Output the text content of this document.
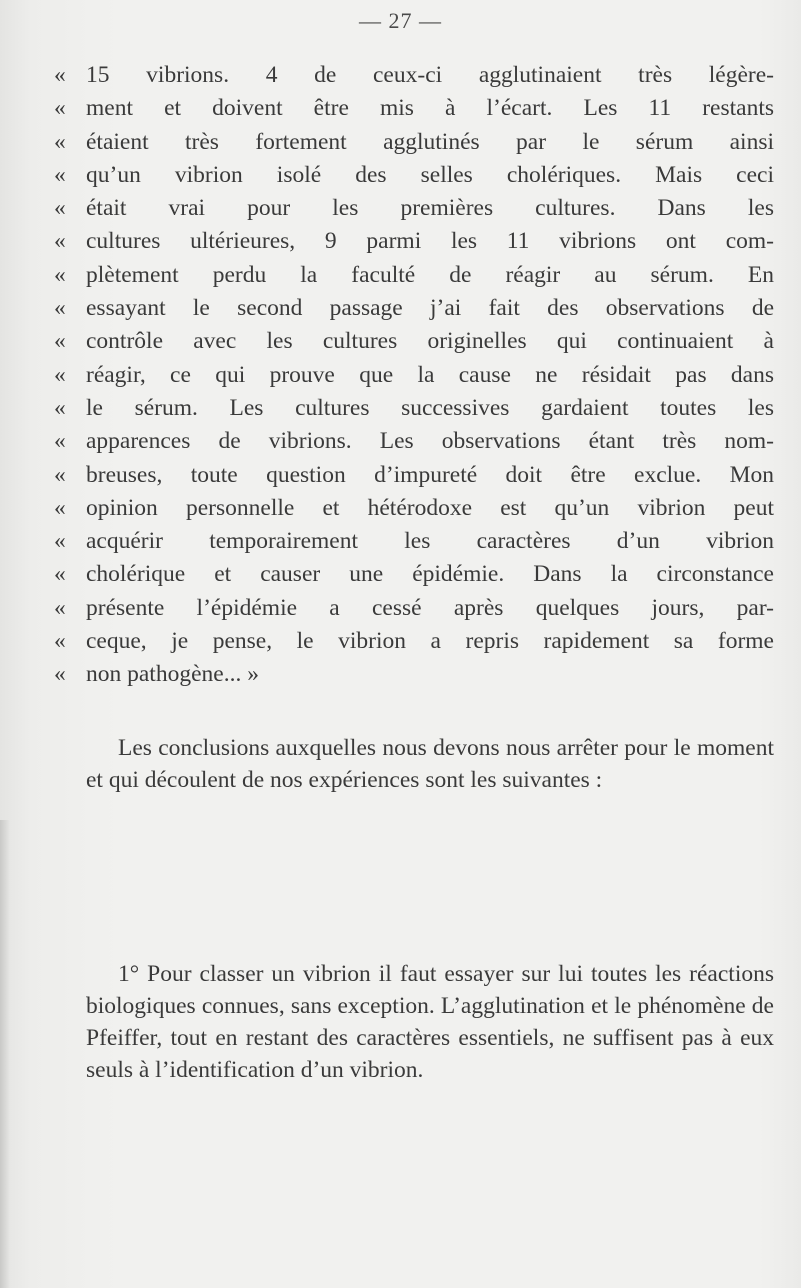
— 27 —
« 15 vibrions. 4 de ceux-ci agglutinaient très légère-
« ment et doivent être mis à l’écart. Les 11 restants
« étaient très fortement agglutinés par le sérum ainsi
« qu’un vibrion isolé des selles cholériques. Mais ceci
« était vrai pour les premières cultures. Dans les
« cultures ultérieures, 9 parmi les 11 vibrions ont com-
« plètement perdu la faculté de réagir au sérum. En
« essayant le second passage j’ai fait des observations de
« contrôle avec les cultures originelles qui continuaient à
« réagir, ce qui prouve que la cause ne résidait pas dans
« le sérum. Les cultures successives gardaient toutes les
« apparences de vibrions. Les observations étant très nom-
« breuses, toute question d’impureté doit être exclue. Mon
« opinion personnelle et hétérodoxe est qu’un vibrion peut
« acquérir temporairement les caractères d’un vibrion
« cholérique et causer une épidémie. Dans la circonstance
« présente l’épidémie a cessé après quelques jours, par-
« ceque, je pense, le vibrion a repris rapidement sa forme
« non pathogène... »

Les conclusions auxquelles nous devons nous arrêter pour le moment et qui découlent de nos expériences sont les suivantes :

1° Pour classer un vibrion il faut essayer sur lui toutes les réactions biologiques connues, sans exception. L’agglutination et le phénomène de Pfeiffer, tout en restant des caractères essentiels, ne suffisent pas à eux seuls à l’identification d’un vibrion.
